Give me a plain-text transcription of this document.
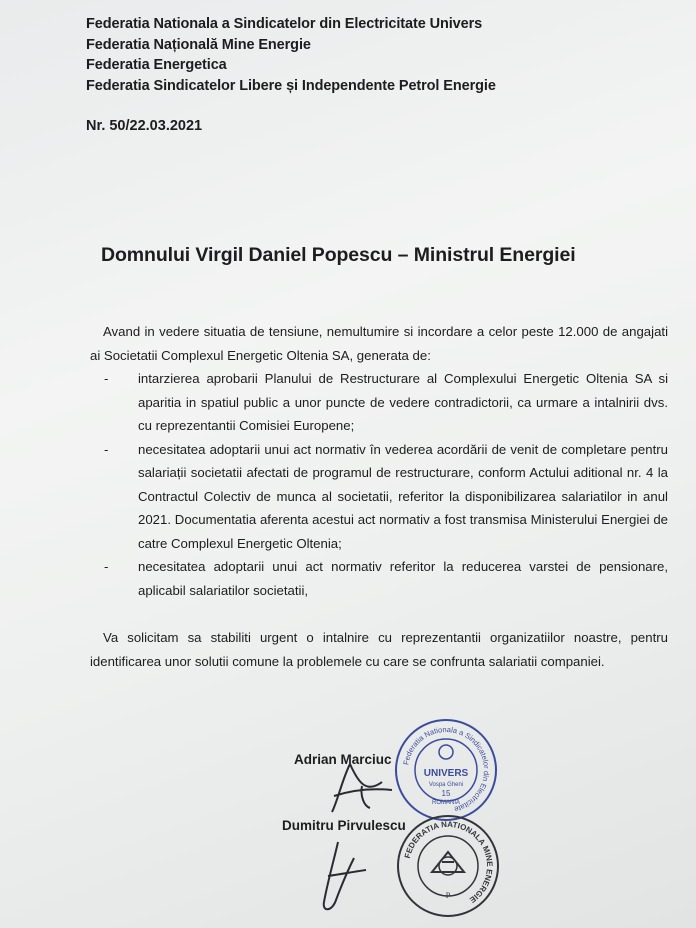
Federatia Nationala a Sindicatelor din Electricitate Univers
Federatia Națională Mine Energie
Federatia Energetica
Federatia Sindicatelor Libere și Independente Petrol Energie
Nr. 50/22.03.2021
Domnului Virgil Daniel Popescu – Ministrul Energiei

Avand in vedere situatia de tensiune, nemultumire si incordare a celor peste 12.000 de angajati ai Societatii Complexul Energetic Oltenia SA, generata de:

- intarzierea aprobarii Planului de Restructurare al Complexului Energetic Oltenia SA si aparitia in spatiul public a unor puncte de vedere contradictorii, ca urmare a intalnirii dvs. cu reprezentantii Comisiei Europene;
- necesitatea adoptarii unui act normativ în vederea acordării de venit de completare pentru salariații societatii afectati de programul de restructurare, conform Actului aditional nr. 4 la Contractul Colectiv de munca al societatii, referitor la disponibilizarea salariatilor in anul 2021. Documentatia aferenta acestui act normativ a fost transmisa Ministerului Energiei de catre Complexul Energetic Oltenia;
- necesitatea adoptarii unui act normativ referitor la reducerea varstei de pensionare, aplicabil salariatilor societatii,

Va solicitam sa stabiliti urgent o intalnire cu reprezentantii organizatiilor noastre, pentru identificarea unor solutii comune la problemele cu care se confrunta salariatii companiei.

Adrian Marciuc
Dumitru Pirvulescu
Federatia Nationala a Sindicatelor din Electricitate
UNIVERS
Vospa Gheni
15
ROMANIA
FEDERATIA NATIONALA MINE ENERGIE
P
